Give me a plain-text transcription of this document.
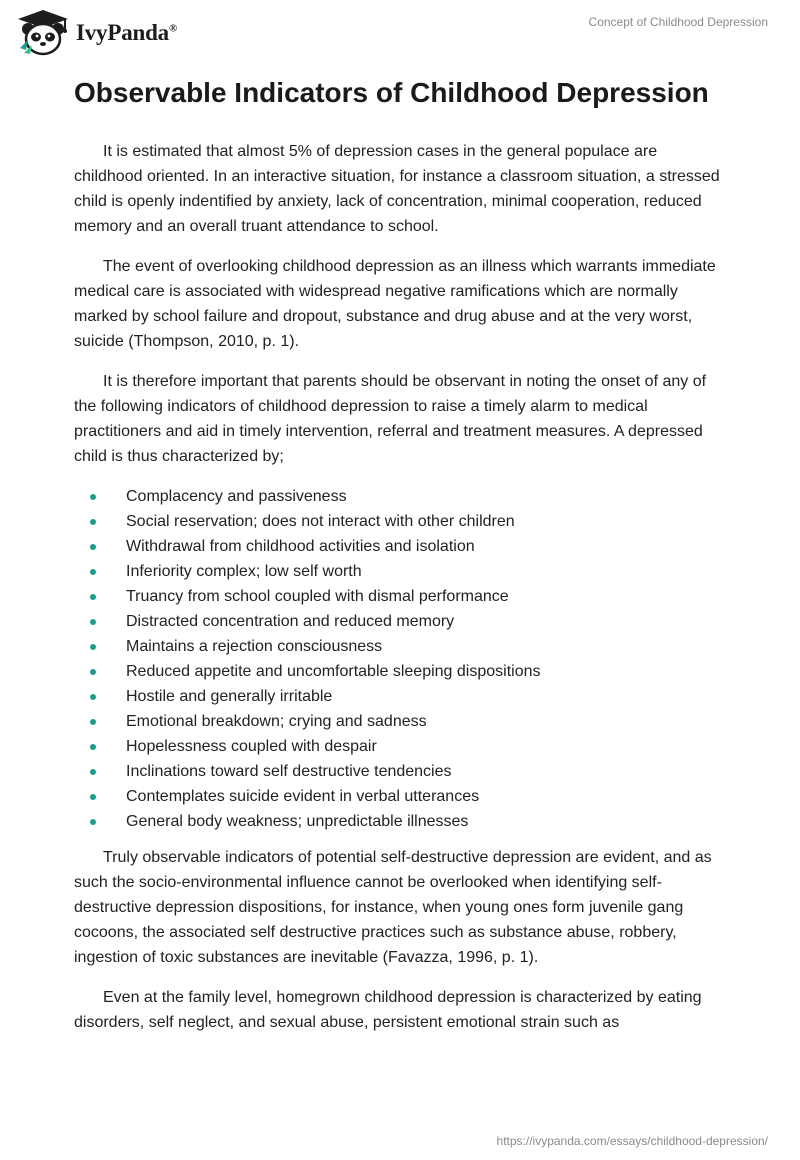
IvyPanda®	Concept of Childhood Depression
Observable Indicators of Childhood Depression

It is estimated that almost 5% of depression cases in the general populace are childhood oriented. In an interactive situation, for instance a classroom situation, a stressed child is openly indentified by anxiety, lack of concentration, minimal cooperation, reduced memory and an overall truant attendance to school.

The event of overlooking childhood depression as an illness which warrants immediate medical care is associated with widespread negative ramifications which are normally marked by school failure and dropout, substance and drug abuse and at the very worst, suicide (Thompson, 2010, p. 1).

It is therefore important that parents should be observant in noting the onset of any of the following indicators of childhood depression to raise a timely alarm to medical practitioners and aid in timely intervention, referral and treatment measures. A depressed child is thus characterized by;

Complacency and passiveness
Social reservation; does not interact with other children
Withdrawal from childhood activities and isolation
Inferiority complex; low self worth
Truancy from school coupled with dismal performance
Distracted concentration and reduced memory
Maintains a rejection consciousness
Reduced appetite and uncomfortable sleeping dispositions
Hostile and generally irritable
Emotional breakdown; crying and sadness
Hopelessness coupled with despair
Inclinations toward self destructive tendencies
Contemplates suicide evident in verbal utterances
General body weakness; unpredictable illnesses

Truly observable indicators of potential self-destructive depression are evident, and as such the socio-environmental influence cannot be overlooked when identifying self-destructive depression dispositions, for instance, when young ones form juvenile gang cocoons, the associated self destructive practices such as substance abuse, robbery, ingestion of toxic substances are inevitable (Favazza, 1996, p. 1).

Even at the family level, homegrown childhood depression is characterized by eating disorders, self neglect, and sexual abuse, persistent emotional strain such as

https://ivypanda.com/essays/childhood-depression/
